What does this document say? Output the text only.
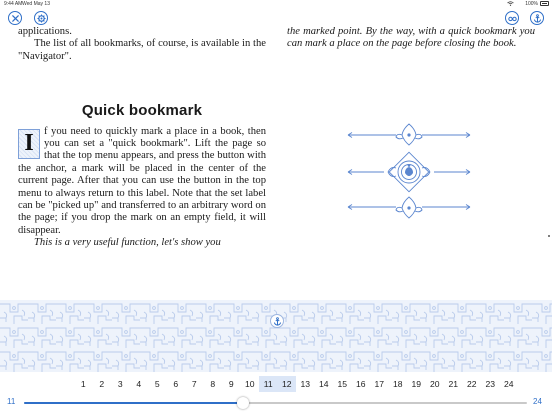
9:44 AM Wed May 13	100%

applications.

The list of all bookmarks, of course, is available in the "Navigator".

Quick bookmark

I f you need to quickly mark a place in a book, then you can set a "quick bookmark". Lift the page so that the top menu appears, and press the button with the anchor, a mark will be placed in the center of the current page. After that you can use the button in the top menu to always return to this label. Note that the set label can be "picked up" and transferred to an arbitrary word on the page; if you drop the mark on an empty field, it will disappear.

This is a very useful function, let's show you

the marked point. By the way, with a quick bookmark you can mark a place on the page before closing the book.

1	2	3	4	5	6	7	8	9	10	11	12	13	14	15	16	17	18	19	20	21	22	23	24
11	24
